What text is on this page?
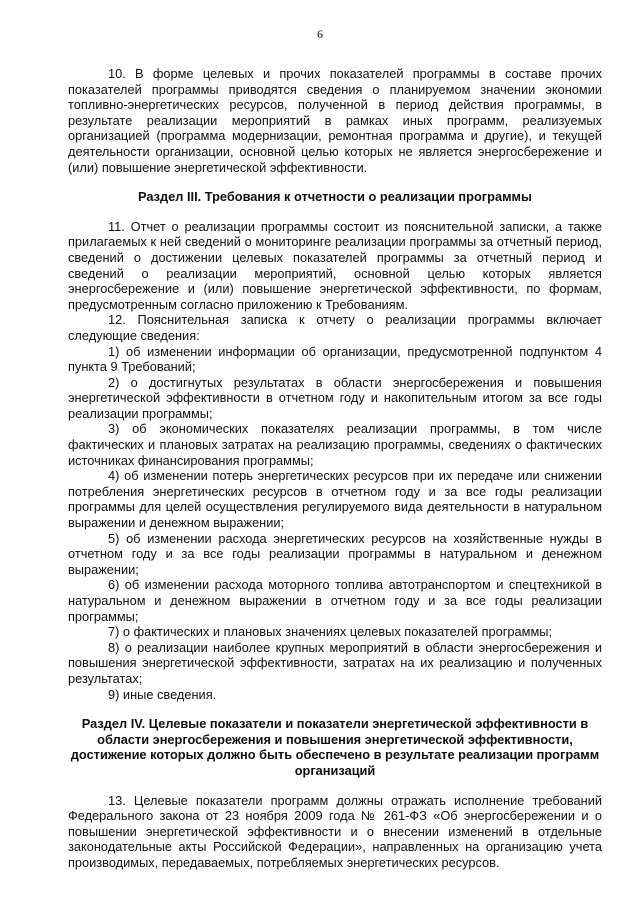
6

10. В форме целевых и прочих показателей программы в составе прочих показателей программы приводятся сведения о планируемом значении экономии топливно-энергетических ресурсов, полученной в период действия программы, в результате реализации мероприятий в рамках иных программ, реализуемых организацией (программа модернизации, ремонтная программа и другие), и текущей деятельности организации, основной целью которых не является энергосбережение и (или) повышение энергетической эффективности.

Раздел III. Требования к отчетности о реализации программы

11. Отчет о реализации программы состоит из пояснительной записки, а также прилагаемых к ней сведений о мониторинге реализации программы за отчетный период, сведений о достижении целевых показателей программы за отчетный период и сведений о реализации мероприятий, основной целью которых является энергосбережение и (или) повышение энергетической эффективности, по формам, предусмотренным согласно приложению к Требованиям.

12. Пояснительная записка к отчету о реализации программы включает следующие сведения:

1) об изменении информации об организации, предусмотренной подпунктом 4 пункта 9 Требований;

2) о достигнутых результатах в области энергосбережения и повышения энергетической эффективности в отчетном году и накопительным итогом за все годы реализации программы;

3) об экономических показателях реализации программы, в том числе фактических и плановых затратах на реализацию программы, сведениях о фактических источниках финансирования программы;

4) об изменении потерь энергетических ресурсов при их передаче или снижении потребления энергетических ресурсов в отчетном году и за все годы реализации программы для целей осуществления регулируемого вида деятельности в натуральном выражении и денежном выражении;

5) об изменении расхода энергетических ресурсов на хозяйственные нужды в отчетном году и за все годы реализации программы в натуральном и денежном выражении;

6) об изменении расхода моторного топлива автотранспортом и спецтехникой в натуральном и денежном выражении в отчетном году и за все годы реализации программы;

7) о фактических и плановых значениях целевых показателей программы;

8) о реализации наиболее крупных мероприятий в области энергосбережения и повышения энергетической эффективности, затратах на их реализацию и полученных результатах;

9) иные сведения.

Раздел IV. Целевые показатели и показатели энергетической эффективности в области энергосбережения и повышения энергетической эффективности, достижение которых должно быть обеспечено в результате реализации программ организаций

13. Целевые показатели программ должны отражать исполнение требований Федерального закона от 23 ноября 2009 года № 261-ФЗ «Об энергосбережении и о повышении энергетической эффективности и о внесении изменений в отдельные законодательные акты Российской Федерации», направленных на организацию учета производимых, передаваемых, потребляемых энергетических ресурсов.
